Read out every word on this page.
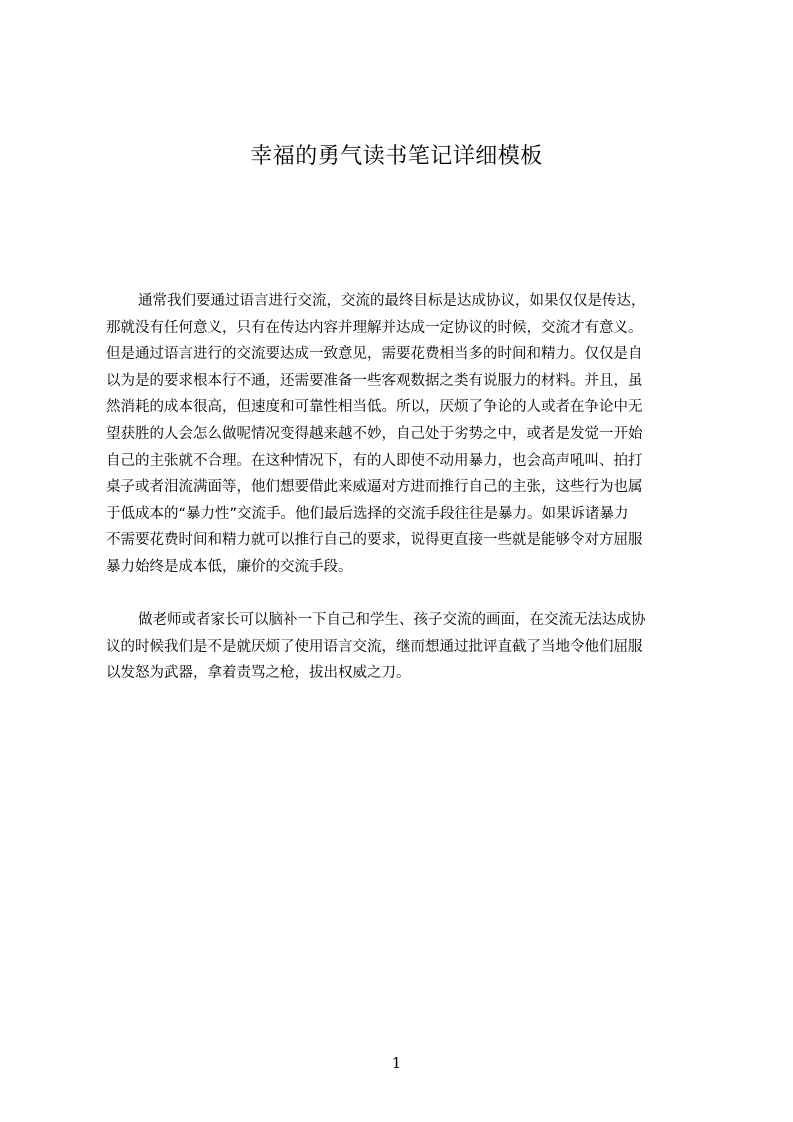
幸福的勇气读书笔记详细模板
通常我们要通过语言进行交流，交流的最终目标是达成协议，如果仅仅是传达，
那就没有任何意义，只有在传达内容并理解并达成一定协议的时候，交流才有意义。
但是通过语言进行的交流要达成一致意见，需要花费相当多的时间和精力。仅仅是自
以为是的要求根本行不通，还需要准备一些客观数据之类有说服力的材料。并且，虽
然消耗的成本很高，但速度和可靠性相当低。所以，厌烦了争论的人或者在争论中无
望获胜的人会怎么做呢情况变得越来越不妙，自己处于劣势之中，或者是发觉一开始
自己的主张就不合理。在这种情况下，有的人即使不动用暴力，也会高声吼叫、拍打
桌子或者泪流满面等，他们想要借此来威逼对方进而推行自己的主张，这些行为也属
于低成本的“暴力性”交流手。他们最后选择的交流手段往往是暴力。如果诉诸暴力
不需要花费时间和精力就可以推行自己的要求，说得更直接一些就是能够令对方屈服
暴力始终是成本低，廉价的交流手段。
做老师或者家长可以脑补一下自己和学生、孩子交流的画面，在交流无法达成协
议的时候我们是不是就厌烦了使用语言交流，继而想通过批评直截了当地令他们屈服
以发怒为武器，拿着责骂之枪，拔出权威之刀。
1
